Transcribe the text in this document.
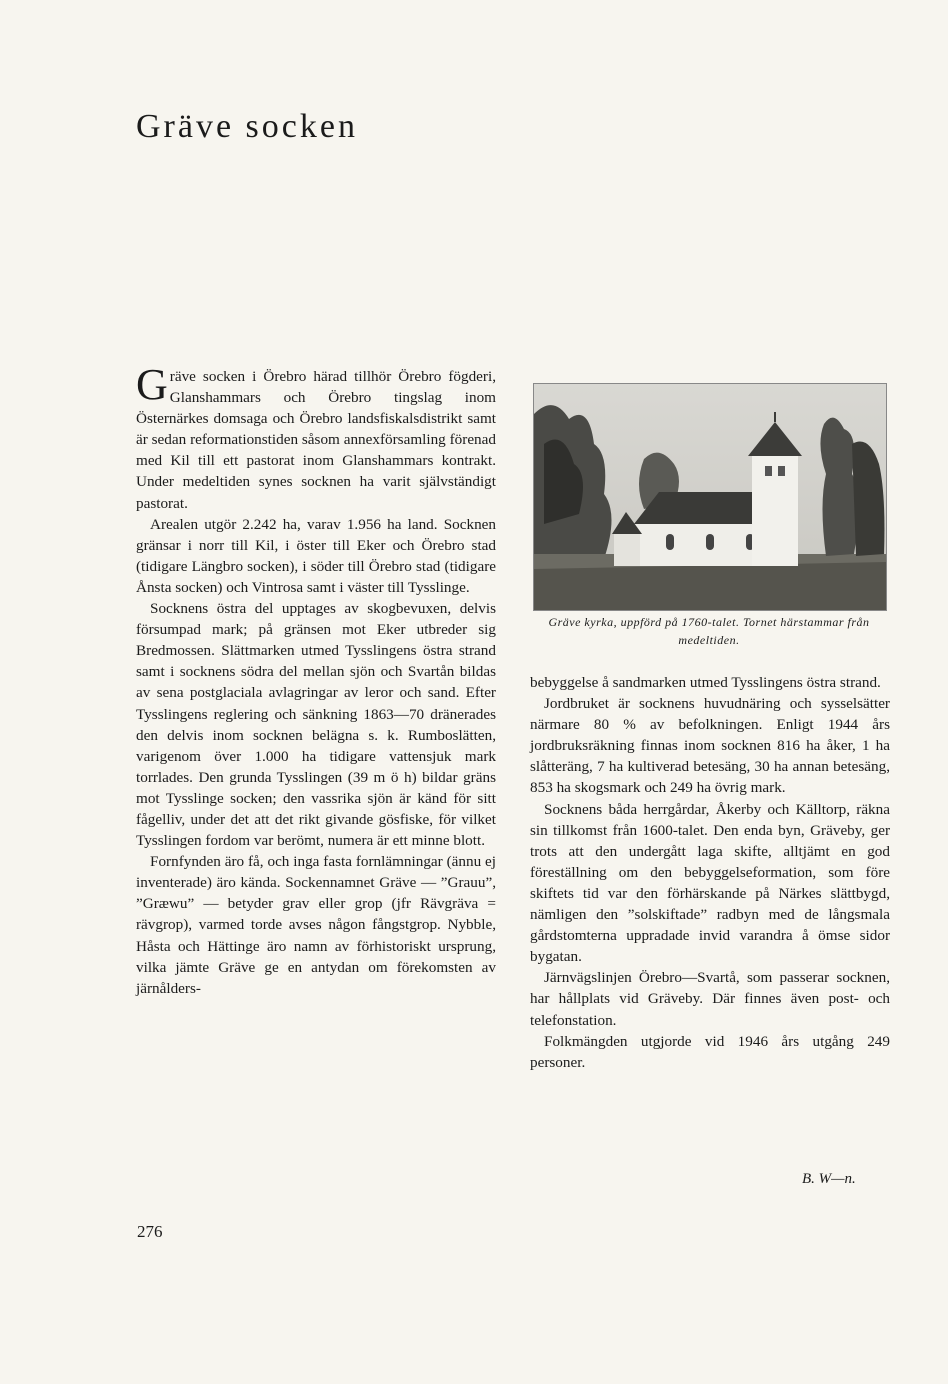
Gräve socken

Gräve socken i Örebro härad tillhör Örebro fögderi, Glanshammars och Örebro tingslag inom Östernärkes domsaga och Örebro landsfiskalsdistrikt samt är sedan reformationstiden såsom annexförsamling förenad med Kil till ett pastorat inom Glanshammars kontrakt. Under medeltiden synes socknen ha varit självständigt pastorat.

Arealen utgör 2.242 ha, varav 1.956 ha land. Socknen gränsar i norr till Kil, i öster till Eker och Örebro stad (tidigare Längbro socken), i söder till Örebro stad (tidigare Ånsta socken) och Vintrosa samt i väster till Tysslinge.

Socknens östra del upptages av skogbevuxen, delvis försumpad mark; på gränsen mot Eker utbreder sig Bredmossen. Slättmarken utmed Tysslingens östra strand samt i socknens södra del mellan sjön och Svartån bildas av sena postglaciala avlagringar av leror och sand. Efter Tysslingens reglering och sänkning 1863—70 dränerades den delvis inom socknen belägna s. k. Rumboslätten, varigenom över 1.000 ha tidigare vattensjuk mark torrlades. Den grunda Tysslingen (39 m ö h) bildar gräns mot Tysslinge socken; den vassrika sjön är känd för sitt fågelliv, under det att det rikt givande gösfiske, för vilket Tysslingen fordom var berömt, numera är ett minne blott.

Fornfynden äro få, och inga fasta fornlämningar (ännu ej inventerade) äro kända. Sockennamnet Gräve — ”Grauu”, ”Græwu” — betyder grav eller grop (jfr Rävgräva = rävgrop), varmed torde avses någon fångstgrop. Nybble, Håsta och Hättinge äro namn av förhistoriskt ursprung, vilka jämte Gräve ge en antydan om förekomsten av järnålders-

Gräve kyrka, uppförd på 1760-talet. Tornet härstammar från medeltiden.

bebyggelse å sandmarken utmed Tysslingens östra strand.

Jordbruket är socknens huvudnäring och sysselsätter närmare 80 % av befolkningen. Enligt 1944 års jordbruksräkning finnas inom socknen 816 ha åker, 1 ha slåtteräng, 7 ha kultiverad betesäng, 30 ha annan betesäng, 853 ha skogsmark och 249 ha övrig mark.

Socknens båda herrgårdar, Åkerby och Källtorp, räkna sin tillkomst från 1600-talet. Den enda byn, Gräveby, ger trots att den undergått laga skifte, alltjämt en god föreställning om den bebyggelseformation, som före skiftets tid var den förhärskande på Närkes slättbygd, nämligen den ”solskiftade” radbyn med de långsmala gårdstomterna uppradade invid varandra å ömse sidor bygatan.

Järnvägslinjen Örebro—Svartå, som passerar socknen, har hållplats vid Gräveby. Där finnes även post- och telefonstation.

Folkmängden utgjorde vid 1946 års utgång 249 personer.

B. W—n.
276
